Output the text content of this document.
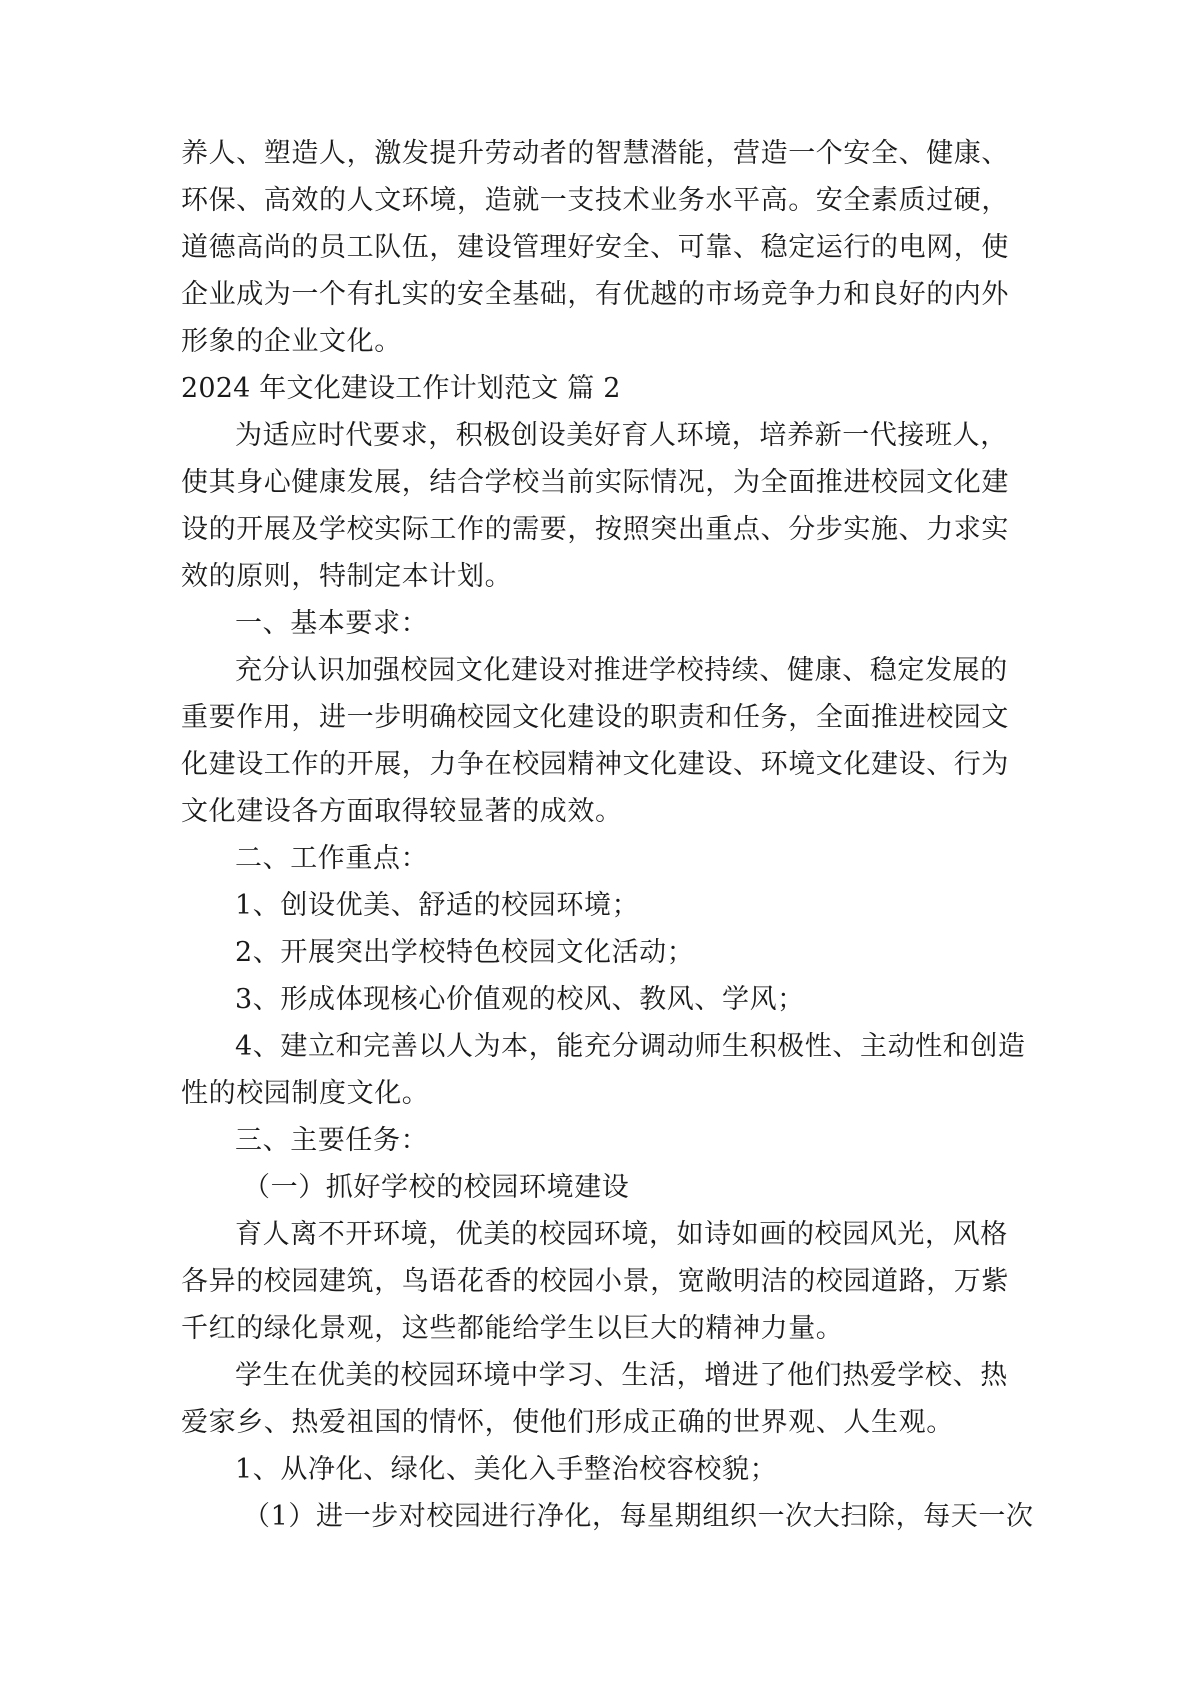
养人、塑造人，激发提升劳动者的智慧潜能，营造一个安全、健康、
环保、高效的人文环境，造就一支技术业务水平高。安全素质过硬，
道德高尚的员工队伍，建设管理好安全、可靠、稳定运行的电网，使
企业成为一个有扎实的安全基础，有优越的市场竞争力和良好的内外
形象的企业文化。
2024 年文化建设工作计划范文 篇 2
为适应时代要求，积极创设美好育人环境，培养新一代接班人，
使其身心健康发展，结合学校当前实际情况，为全面推进校园文化建
设的开展及学校实际工作的需要，按照突出重点、分步实施、力求实
效的原则，特制定本计划。
一、基本要求：
充分认识加强校园文化建设对推进学校持续、健康、稳定发展的
重要作用，进一步明确校园文化建设的职责和任务，全面推进校园文
化建设工作的开展，力争在校园精神文化建设、环境文化建设、行为
文化建设各方面取得较显著的成效。
二、工作重点：
1、创设优美、舒适的校园环境；
2、开展突出学校特色校园文化活动；
3、形成体现核心价值观的校风、教风、学风；
4、建立和完善以人为本，能充分调动师生积极性、主动性和创造
性的校园制度文化。
三、主要任务：
（一）抓好学校的校园环境建设
育人离不开环境，优美的校园环境，如诗如画的校园风光，风格
各异的校园建筑，鸟语花香的校园小景，宽敞明洁的校园道路，万紫
千红的绿化景观，这些都能给学生以巨大的精神力量。
学生在优美的校园环境中学习、生活，增进了他们热爱学校、热
爱家乡、热爱祖国的情怀，使他们形成正确的世界观、人生观。
1、从净化、绿化、美化入手整治校容校貌；
（1）进一步对校园进行净化，每星期组织一次大扫除，每天一次
